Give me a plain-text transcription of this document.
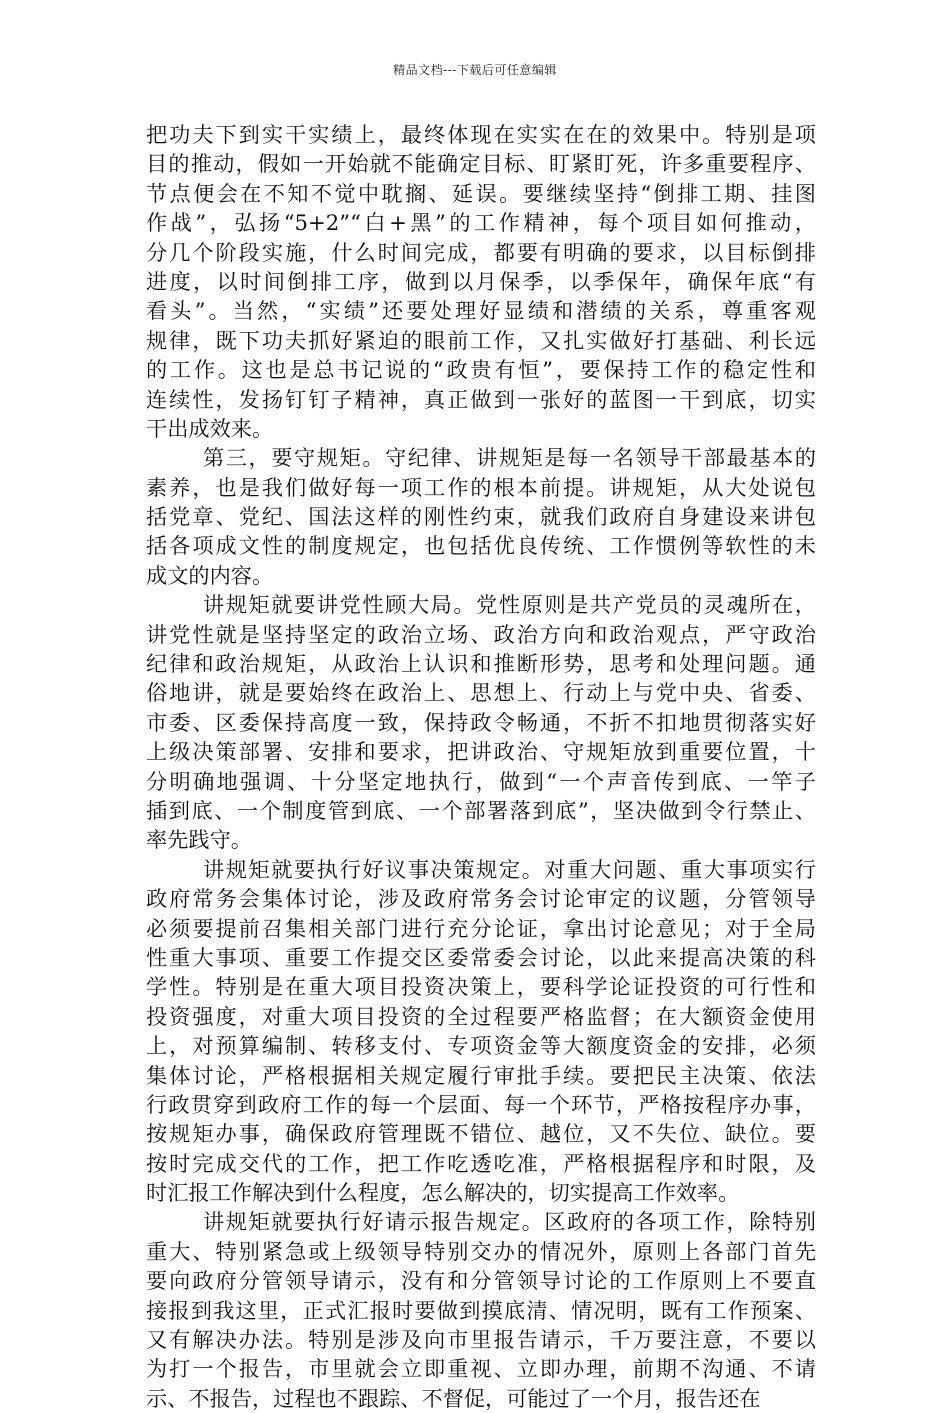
精品文档---下载后可任意编辑
把功夫下到实干实绩上，最终体现在实实在在的效果中。特别是项
目的推动，假如一开始就不能确定目标、盯紧盯死，许多重要程序、
节点便会在不知不觉中耽搁、延误。要继续坚持“倒排工期、挂图
作战”，弘扬“5+2”“白+黑”的工作精神，每个项目如何推动，
分几个阶段实施，什么时间完成，都要有明确的要求，以目标倒排
进度，以时间倒排工序，做到以月保季，以季保年，确保年底“有
看头”。当然，“实绩”还要处理好显绩和潜绩的关系，尊重客观
规律，既下功夫抓好紧迫的眼前工作，又扎实做好打基础、利长远
的工作。这也是总书记说的“政贵有恒”，要保持工作的稳定性和
连续性，发扬钉钉子精神，真正做到一张好的蓝图一干到底，切实
干出成效来。
第三，要守规矩。守纪律、讲规矩是每一名领导干部最基本的
素养，也是我们做好每一项工作的根本前提。讲规矩，从大处说包
括党章、党纪、国法这样的刚性约束，就我们政府自身建设来讲包
括各项成文性的制度规定，也包括优良传统、工作惯例等软性的未
成文的内容。
讲规矩就要讲党性顾大局。党性原则是共产党员的灵魂所在，
讲党性就是坚持坚定的政治立场、政治方向和政治观点，严守政治
纪律和政治规矩，从政治上认识和推断形势，思考和处理问题。通
俗地讲，就是要始终在政治上、思想上、行动上与党中央、省委、
市委、区委保持高度一致，保持政令畅通，不折不扣地贯彻落实好
上级决策部署、安排和要求，把讲政治、守规矩放到重要位置，十
分明确地强调、十分坚定地执行，做到“一个声音传到底、一竿子
插到底、一个制度管到底、一个部署落到底”，坚决做到令行禁止、
率先践守。
讲规矩就要执行好议事决策规定。对重大问题、重大事项实行
政府常务会集体讨论，涉及政府常务会讨论审定的议题，分管领导
必须要提前召集相关部门进行充分论证，拿出讨论意见；对于全局
性重大事项、重要工作提交区委常委会讨论，以此来提高决策的科
学性。特别是在重大项目投资决策上，要科学论证投资的可行性和
投资强度，对重大项目投资的全过程要严格监督；在大额资金使用
上，对预算编制、转移支付、专项资金等大额度资金的安排，必须
集体讨论，严格根据相关规定履行审批手续。要把民主决策、依法
行政贯穿到政府工作的每一个层面、每一个环节，严格按程序办事，
按规矩办事，确保政府管理既不错位、越位，又不失位、缺位。要
按时完成交代的工作，把工作吃透吃准，严格根据程序和时限，及
时汇报工作解决到什么程度，怎么解决的，切实提高工作效率。
讲规矩就要执行好请示报告规定。区政府的各项工作，除特别
重大、特别紧急或上级领导特别交办的情况外，原则上各部门首先
要向政府分管领导请示，没有和分管领导讨论的工作原则上不要直
接报到我这里，正式汇报时要做到摸底清、情况明，既有工作预案、
又有解决办法。特别是涉及向市里报告请示，千万要注意，不要以
为打一个报告，市里就会立即重视、立即办理，前期不沟通、不请
示、不报告，过程也不跟踪、不督促，可能过了一个月，报告还在
